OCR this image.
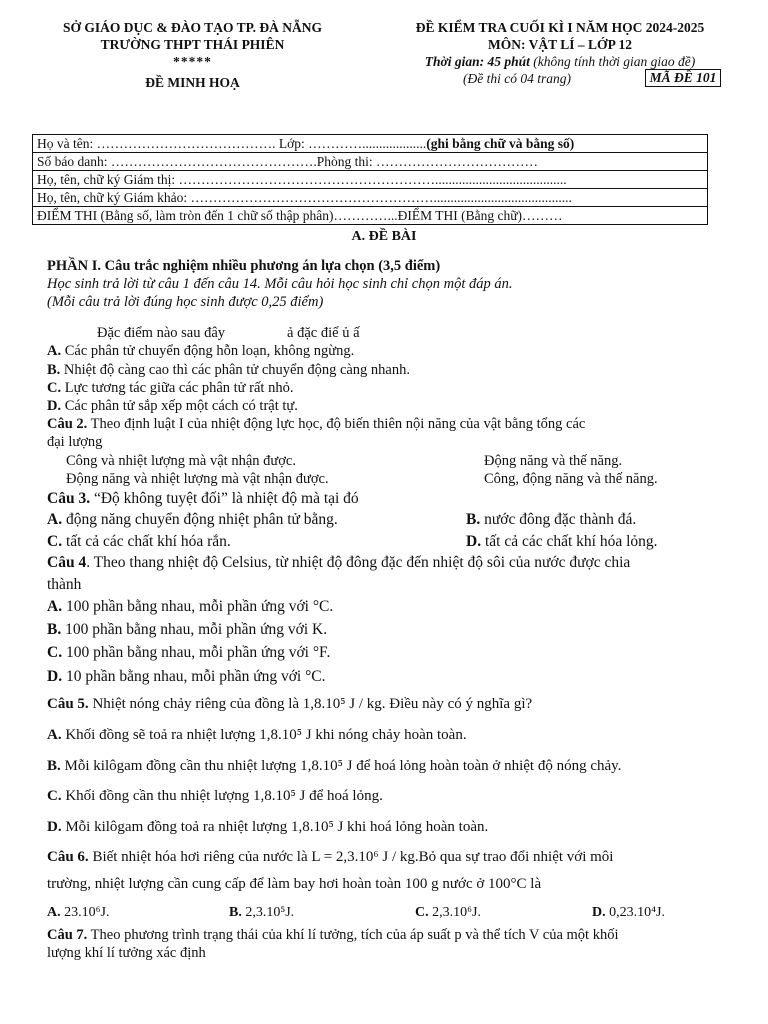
SỞ GIÁO DỤC & ĐÀO TẠO TP. ĐÀ NẴNG
TRƯỜNG THPT THÁI PHIÊN
*****
ĐỀ MINH HOẠ
ĐỀ KIỂM TRA CUỐI KÌ I NĂM HỌC 2024-2025
MÔN: VẬT LÍ – LỚP 12
Thời gian: 45 phút (không tính thời gian giao đề)
(Đề thi có 04 trang)	MÃ ĐỀ 101
Họ và tên: …………………………………. Lớp: …………...................(ghi bằng chữ và bằng số)
Số báo danh: ……………………………………….Phòng thi: ………………………………
Họ, tên, chữ ký Giám thị: ………………………………………………….......................................
Họ, tên, chữ ký Giám khảo: ……………………………………………….........................................
ĐIỂM THI (Bằng số, làm tròn đến 1 chữ số thập phân)…………...ĐIỂM THI (Bằng chữ)………
A. ĐỀ BÀI
PHẦN I. Câu trắc nghiệm nhiều phương án lựa chọn (3,5 điểm)
Học sinh trả lời từ câu 1 đến câu 14. Mỗi câu hỏi học sinh chỉ chọn một đáp án.
(Mỗi câu trả lời đúng học sinh được 0,25 điểm)
Đặc điểm nào sau đây	ả đặc điể ủ ấ
A. Các phân tử chuyển động hỗn loạn, không ngừng.
B. Nhiệt độ càng cao thì các phân tử chuyển động càng nhanh.
C. Lực tương tác giữa các phân tử rất nhỏ.
D. Các phân tử sắp xếp một cách có trật tự.
Câu 2. Theo định luật I của nhiệt động lực học, độ biến thiên nội năng của vật bằng tổng các
đại lượng
Công và nhiệt lượng mà vật nhận được.	Động năng và thế năng.
Động năng và nhiệt lượng mà vật nhận được.	Công, động năng và thế năng.
Câu 3. “Độ không tuyệt đối” là nhiệt độ mà tại đó
A. động năng chuyển động nhiệt phân tử bằng.	B. nước đông đặc thành đá.
C. tất cả các chất khí hóa rắn.	D. tất cả các chất khí hóa lỏng.
Câu 4. Theo thang nhiệt độ Celsius, từ nhiệt độ đông đặc đến nhiệt độ sôi của nước được chia
thành
A. 100 phần bằng nhau, mỗi phần ứng với °C.
B. 100 phần bằng nhau, mỗi phần ứng với K.
C. 100 phần bằng nhau, mỗi phần ứng với °F.
D. 10 phần bằng nhau, mỗi phần ứng với °C.
Câu 5. Nhiệt nóng chảy riêng của đồng là 1,8.10⁵ J / kg. Điều này có ý nghĩa gì?
A. Khối đồng sẽ toả ra nhiệt lượng 1,8.10⁵ J khi nóng chảy hoàn toàn.
B. Mỗi kilôgam đồng cần thu nhiệt lượng 1,8.10⁵ J để hoá lỏng hoàn toàn ở nhiệt độ nóng chảy.
C. Khối đồng cần thu nhiệt lượng 1,8.10⁵ J để hoá lỏng.
D. Mỗi kilôgam đồng toả ra nhiệt lượng 1,8.10⁵ J khi hoá lỏng hoàn toàn.
Câu 6. Biết nhiệt hóa hơi riêng của nước là L = 2,3.10⁶ J / kg.Bỏ qua sự trao đổi nhiệt với môi
trường, nhiệt lượng cần cung cấp để làm bay hơi hoàn toàn 100 g nước ở 100°C là
A. 23.10⁶J.	B. 2,3.10⁵J.	C. 2,3.10⁶J.	D. 0,23.10⁴J.
Câu 7. Theo phương trình trạng thái của khí lí tưởng, tích của áp suất p và thể tích V của một khối
lượng khí lí tưởng xác định
